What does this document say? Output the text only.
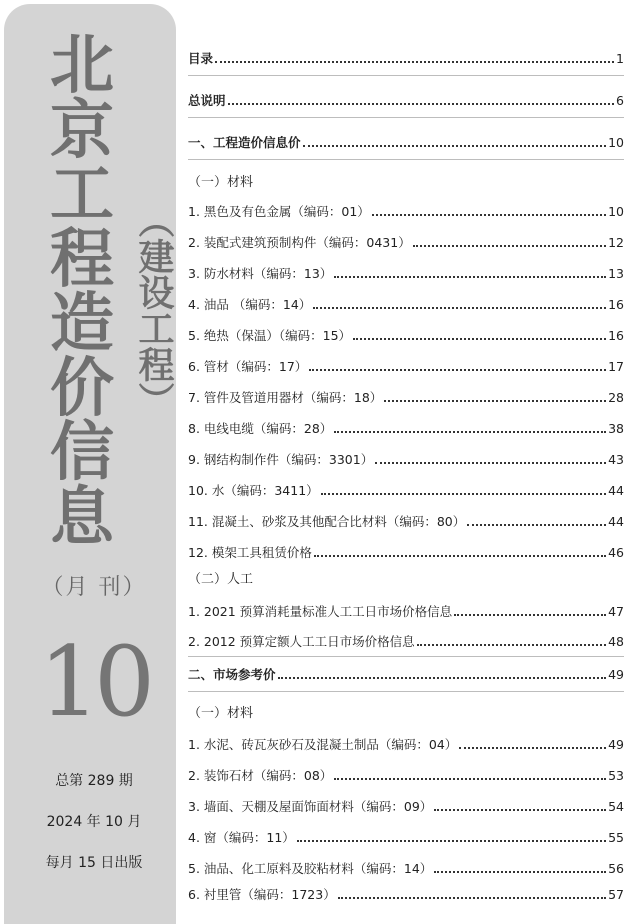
北京工程造价信息
（建设工程）
（月 刊）
10
总第 289 期
2024 年 10 月
每月 15 日出版
目录	1
总说明	6
一、工程造价信息价	10
（一）材料
1. 黑色及有色金属（编码：01）	10
2. 装配式建筑预制构件（编码：0431）	12
3. 防水材料（编码：13）	13
4. 油品 （编码：14）	16
5. 绝热（保温）（编码：15）	16
6. 管材（编码：17）	17
7. 管件及管道用器材（编码：18）	28
8. 电线电缆（编码：28）	38
9. 钢结构制作件（编码：3301）	43
10. 水（编码：3411）	44
11. 混凝土、砂浆及其他配合比材料（编码：80）	44
12. 模架工具租赁价格	46
（二）人工
1. 2021 预算消耗量标准人工工日市场价格信息	47
2. 2012 预算定额人工工日市场价格信息	48
二、市场参考价	49
（一）材料
1. 水泥、砖瓦灰砂石及混凝土制品（编码：04）	49
2. 装饰石材（编码：08）	53
3. 墙面、天棚及屋面饰面材料（编码：09）	54
4. 窗（编码：11）	55
5. 油品、化工原料及胶粘材料（编码：14）	56
6. 衬里管（编码：1723）	57
